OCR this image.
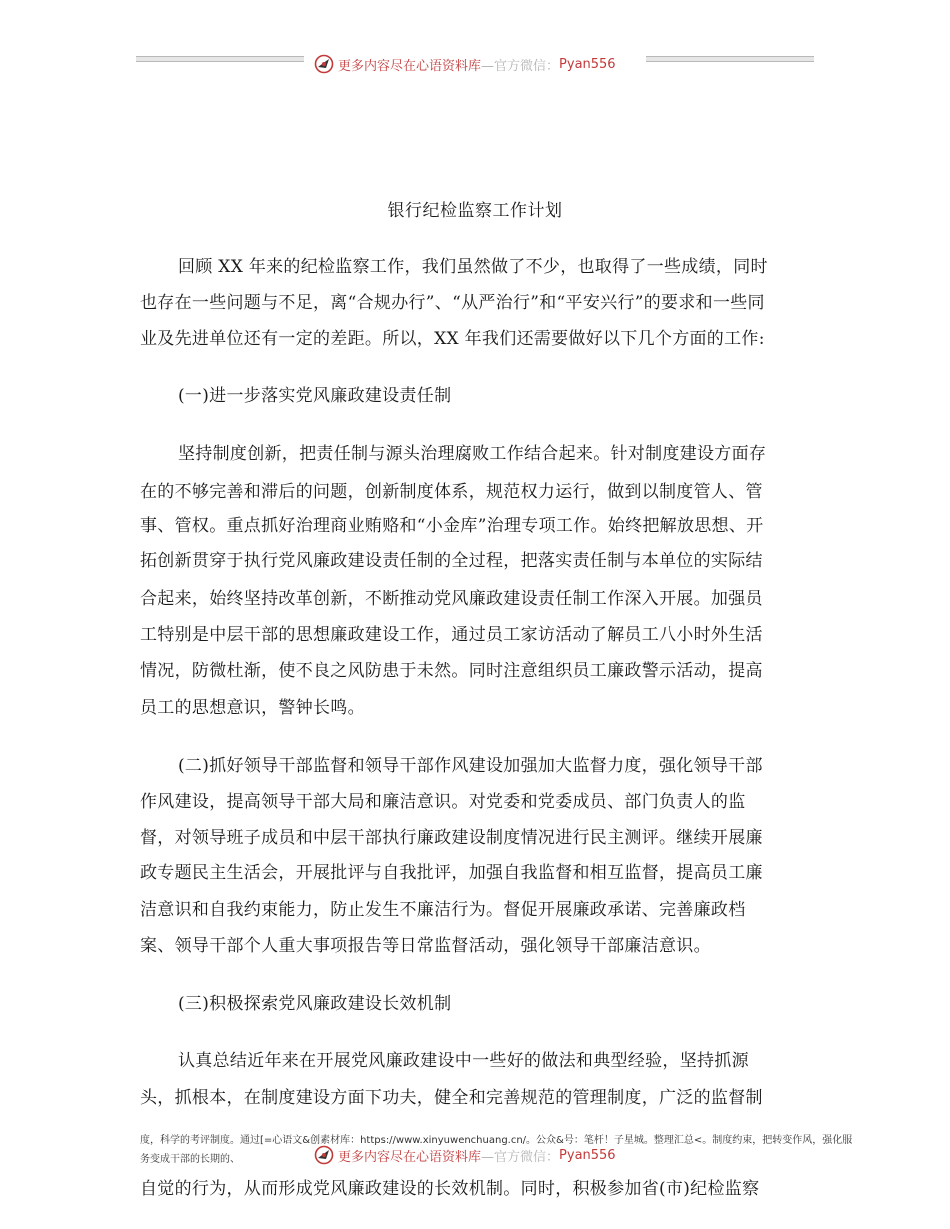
更多内容尽在心语资料库 —官方微信： Pyan556
银行纪检监察工作计划
回顾 XX 年来的纪检监察工作，我们虽然做了不少，也取得了一些成绩，同时
也存在一些问题与不足，离“合规办行”、“从严治行”和“平安兴行”的要求和一些同
业及先进单位还有一定的差距。所以，XX 年我们还需要做好以下几个方面的工作:
(一)进一步落实党风廉政建设责任制
坚持制度创新，把责任制与源头治理腐败工作结合起来。针对制度建设方面存
在的不够完善和滞后的问题，创新制度体系，规范权力运行，做到以制度管人、管
事、管权。重点抓好治理商业贿赂和“小金库”治理专项工作。始终把解放思想、开
拓创新贯穿于执行党风廉政建设责任制的全过程，把落实责任制与本单位的实际结
合起来，始终坚持改革创新，不断推动党风廉政建设责任制工作深入开展。加强员
工特别是中层干部的思想廉政建设工作，通过员工家访活动了解员工八小时外生活
情况，防微杜渐，使不良之风防患于未然。同时注意组织员工廉政警示活动，提高
员工的思想意识，警钟长鸣。
(二)抓好领导干部监督和领导干部作风建设加强加大监督力度，强化领导干部
作风建设，提高领导干部大局和廉洁意识。对党委和党委成员、部门负责人的监
督，对领导班子成员和中层干部执行廉政建设制度情况进行民主测评。继续开展廉
政专题民主生活会，开展批评与自我批评，加强自我监督和相互监督，提高员工廉
洁意识和自我约束能力，防止发生不廉洁行为。督促开展廉政承诺、完善廉政档
案、领导干部个人重大事项报告等日常监督活动，强化领导干部廉洁意识。
(三)积极探索党风廉政建设长效机制
认真总结近年来在开展党风廉政建设中一些好的做法和典型经验，坚持抓源
头，抓根本，在制度建设方面下功夫，健全和完善规范的管理制度，广泛的监督制
度，科学的考评制度。通过[=心语文&创素材库：https://www.xinyuwenchuang.cn/。公众&号：笔杆！子星城。整理汇总<。制度约束，把转变作风，强化服
务变成干部的长期的、	更多内容尽在心语资料库 —官方微信： Pyan556
自觉的行为，从而形成党风廉政建设的长效机制。同时，积极参加省(市)纪检监察
